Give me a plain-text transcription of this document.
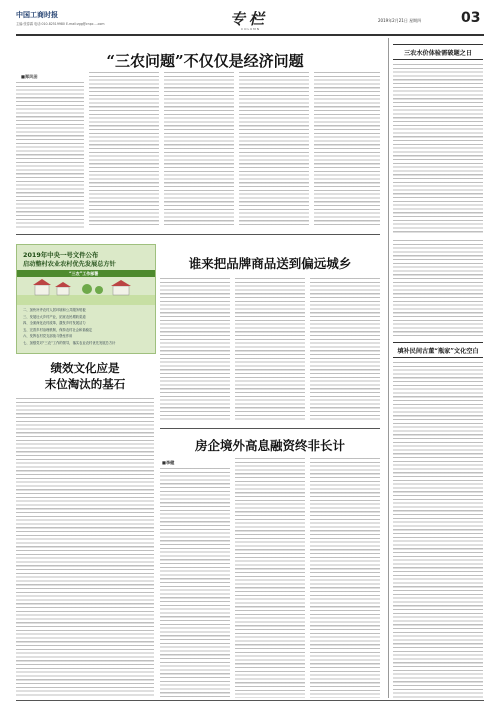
中国工商时报
主编:张春霖 电话:010-82519980 E-mail:zgg@cnpc-...com	专栏
COLUMN
2019年2月21日 星期四	03
“三农问题”不仅仅是经济问题
■郑风田
三农水价体验需破题之日
2019年中央一号文件公布
启动整村农业农村优先发展总方针
“三农”工作部署
二、加快补齐农村人居环境和公共服务短板
三、发展壮大乡村产业，拓宽农民增收渠道
四、全面深化农村改革，激发乡村发展活力
五、完善乡村治理机制，保持农村社会和谐稳定
六、发挥农村党支部战斗堡垒作用
七、加强党对“三农”工作的领导，落实农业农村优先发展总方针
谁来把品牌商品送到偏远城乡
绩效文化应是
末位淘汰的基石
填补民间古董“瓶家”文化空白
房企境外高息融资终非长计
■李健
